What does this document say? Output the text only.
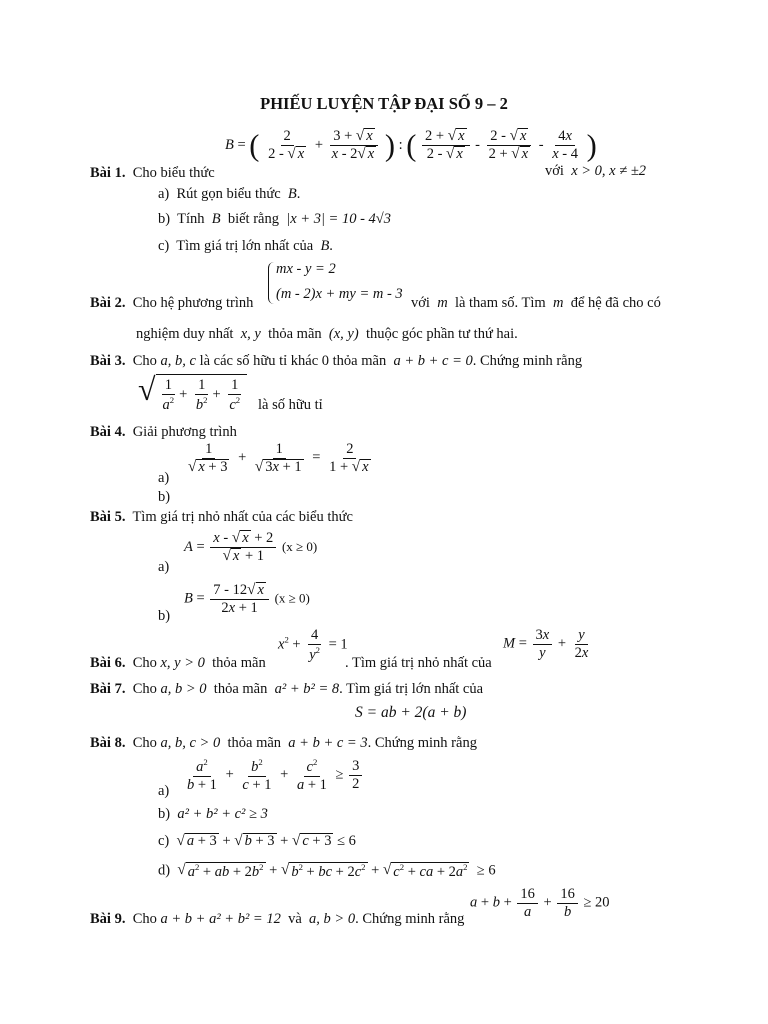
PHIẾU LUYỆN TẬP ĐẠI SỐ 9 – 2
B = ( $\frac{2}{2 - √ x} + \frac{3 + √ x}{x - 2 √ x}$ ) : ( $\frac{2 + √ x}{2 - √ x} - \frac{2 - √ x}{2 + √ x} - \frac{4x}{x - 4}$ )
Bài 1. Cho biểu thức	với x > 0, x ≠ ±2
a) Rút gọn biểu thức B.
b) Tính B biết rằng |x + 3| = 10 - 4√3
c) Tìm giá trị lớn nhất của B.
mx - y = 2
(m - 2)x + my = m - 3
Bài 2. Cho hệ phương trình	với m là tham số. Tìm m để hệ đã cho có
nghiệm duy nhất x, y thỏa mãn (x, y) thuộc góc phần tư thứ hai.
Bài 3. Cho a, b, c là các số hữu tỉ khác 0 thỏa mãn a + b + c = 0. Chứng minh rằng
√ $\frac{1}{a^2} + \frac{1}{b^2} + \frac{1}{c^2}$ là số hữu tỉ
Bài 4. Giải phương trình
$\frac{1}{√ x + 3} + \frac{1}{√ 3x + 1} = \frac{2}{1 + √ x}$
a)
b)
Bài 5. Tìm giá trị nhỏ nhất của các biểu thức
$A = \frac{x - √ x + 2}{√ x + 1} (x \ge 0)$
a)
$B = \frac{7 - 12 √ x}{2x + 1} (x \ge 0)$
b)
$x^2 + \frac{4}{y^2} = 1$	$M = \frac{3x}{y} + \frac{y}{2x}$
Bài 6. Cho x, y > 0 thỏa mãn	. Tìm giá trị nhỏ nhất của
Bài 7. Cho a, b > 0 thỏa mãn a² + b² = 8. Tìm giá trị lớn nhất của
S = ab + 2(a + b)
Bài 8. Cho a, b, c > 0 thỏa mãn a + b + c = 3. Chứng minh rằng
$\frac{a^2}{b + 1} + \frac{b^2}{c + 1} + \frac{c^2}{a + 1} \ge \frac{3}{2}$
a)
b) a² + b² + c² ≥ 3
c) √ a + 3 + √ b + 3 + √ c + 3 ≤ 6
d) √ $a^2$ + ab + $2b^2$ + √ $b^2$ + bc + $2c^2$ + √ $c^2$ + ca + $2a^2 \ge 6$
$a + b + \frac{16}{a} + \frac{16}{b} \ge 20$
Bài 9. Cho a + b + a² + b² = 12 và a, b > 0. Chứng minh rằng
